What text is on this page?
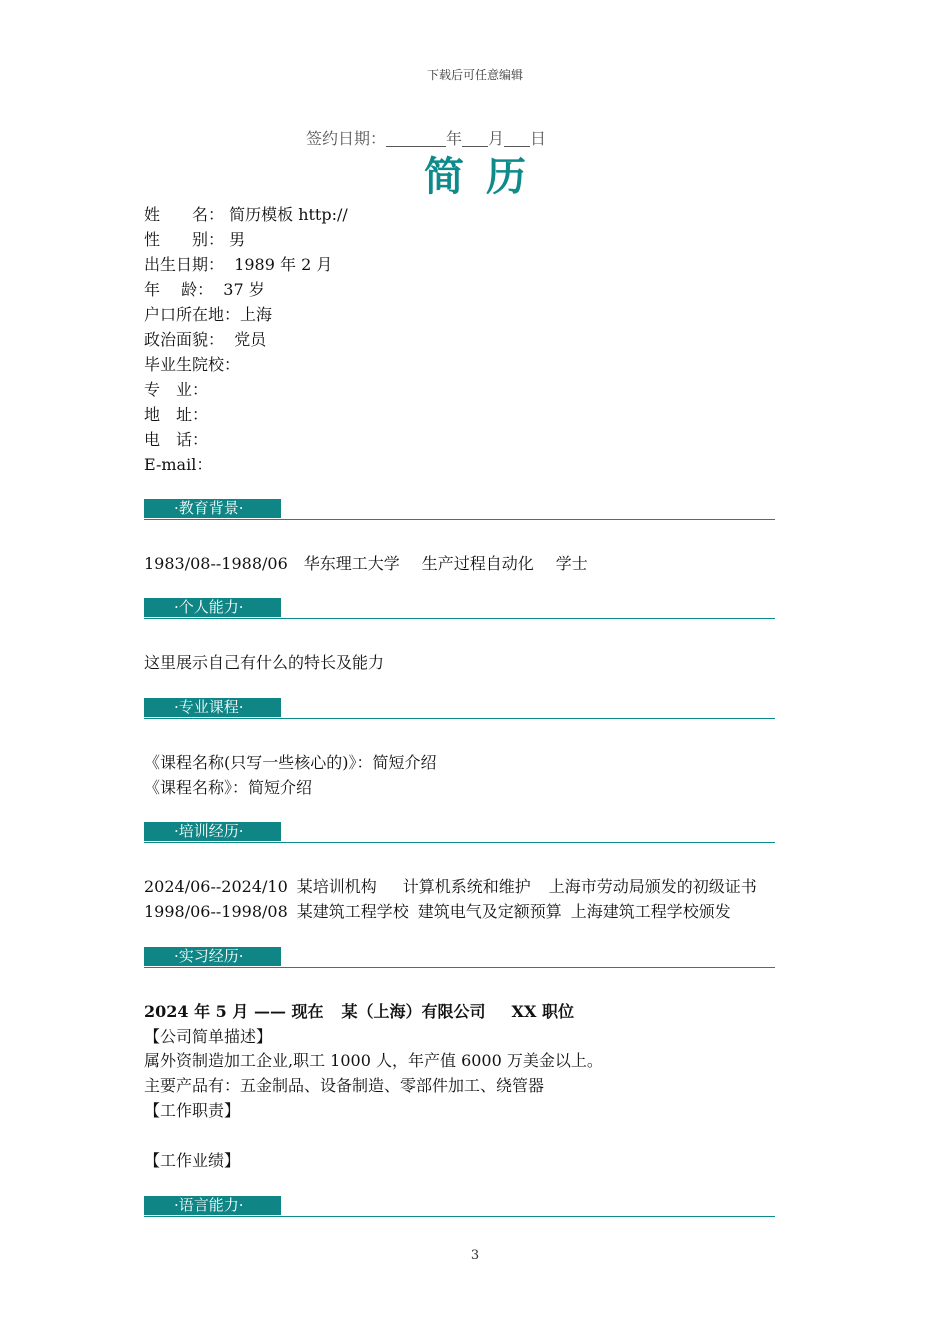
下载后可任意编辑
签约日期：	年 月 日
简历
姓　　名： 简历模板 http://
性　　别： 男
出生日期： 1989 年 2 月
年　 龄： 37 岁
户口所在地：上海
政治面貌： 党员
毕业生院校：
专　业：
地　址：
电　话：
E-mail：
·教育背景·
1983/08--1988/06 华东理工大学 生产过程自动化 学士
·个人能力·
这里展示自己有什么的特长及能力
·专业课程·
《课程名称(只写一些核心的)》：简短介绍
《课程名称》：简短介绍
·培训经历·
2024/06--2024/10 某培训机构 计算机系统和维护 上海市劳动局颁发的初级证书
1998/06--1998/08 某建筑工程学校 建筑电气及定额预算 上海建筑工程学校颁发
·实习经历·
2024 年 5 月 —— 现在 某（上海）有限公司 XX 职位
【公司简单描述】
属外资制造加工企业,职工 1000 人，年产值 6000 万美金以上。
主要产品有：五金制品、设备制造、零部件加工、绕管器
【工作职责】
【工作业绩】
·语言能力·
3
